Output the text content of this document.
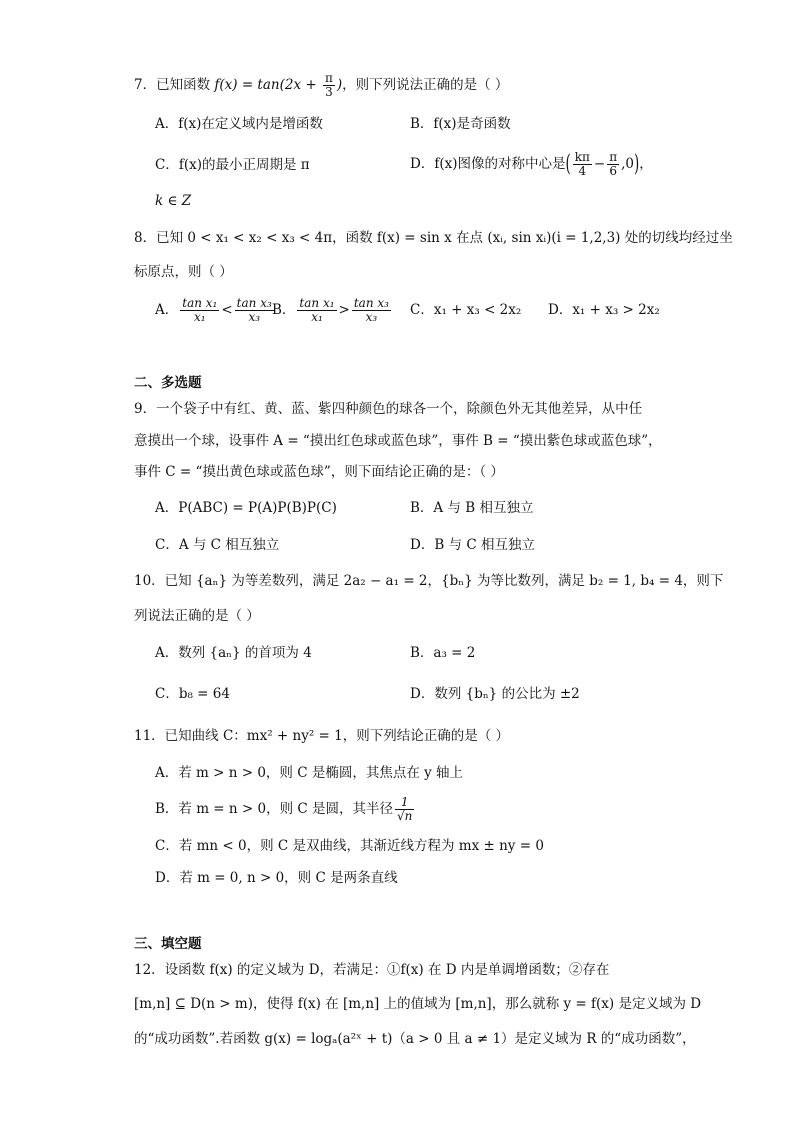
7．已知函数 $f(x) = \tan(2x + \frac{\pi}{3}$ )，则下列说法正确的是（ ）
A．f(x)在定义域内是增函数	B．f(x)是奇函数
C．f(x)的最小正周期是 π	D．f(x)图像的对称中心是( $\frac{k\pi}{4} - \frac{\pi}{6} ,0$)，
k ∈ Z
8．已知 0 < x₁ < x₂ < x₃ < 4π，函数 f(x) = sin x 在点 (xᵢ, sin xᵢ)(i = 1,2,3) 处的切线均经过坐
标原点，则（ ）
A． $\frac{\text{tan x₁}}{\text{x₁}} < \frac{\text{tan x₃}}{\text{x₃}}$
B． $\frac{\text{tan x₁}}{\text{x₁}} > \frac{\text{tan x₃}}{\text{x₃}}$ C．x₁ + x₃ < 2x₂ D．x₁ + x₃ > 2x₂
二、多选题
9．一个袋子中有红、黄、蓝、紫四种颜色的球各一个，除颜色外无其他差异，从中任
意摸出一个球，设事件 A = “摸出红色球或蓝色球”，事件 B = “摸出紫色球或蓝色球”，
事件 C = “摸出黄色球或蓝色球”，则下面结论正确的是：（ ）
A．P(ABC) = P(A)P(B)P(C)	B．A 与 B 相互独立
C．A 与 C 相互独立	D．B 与 C 相互独立
10．已知 {aₙ} 为等差数列，满足 2a₂ − a₁ = 2，{bₙ} 为等比数列，满足 b₂ = 1, b₄ = 4，则下
列说法正确的是（ ）
A．数列 {aₙ} 的首项为 4	B．a₃ = 2
C．b₈ = 64	D．数列 {bₙ} 的公比为 ±2
11．已知曲线 C：mx² + ny² = 1，则下列结论正确的是（ ）
A．若 m > n > 0，则 C 是椭圆，其焦点在 y 轴上
B．若 m = n > 0，则 C 是圆，其半径 $\frac{1}{√n}$
C．若 mn < 0，则 C 是双曲线，其渐近线方程为 mx ± ny = 0
D．若 m = 0, n > 0，则 C 是两条直线
三、填空题
12．设函数 f(x) 的定义域为 D，若满足：①f(x) 在 D 内是单调增函数；②存在
[m,n] ⊆ D(n > m)，使得 f(x) 在 [m,n] 上的值域为 [m,n]，那么就称 y = f(x) 是定义域为 D
的“成功函数”.若函数 g(x) = logₐ(a²ˣ + t)（a > 0 且 a ≠ 1）是定义域为 R 的“成功函数”，
